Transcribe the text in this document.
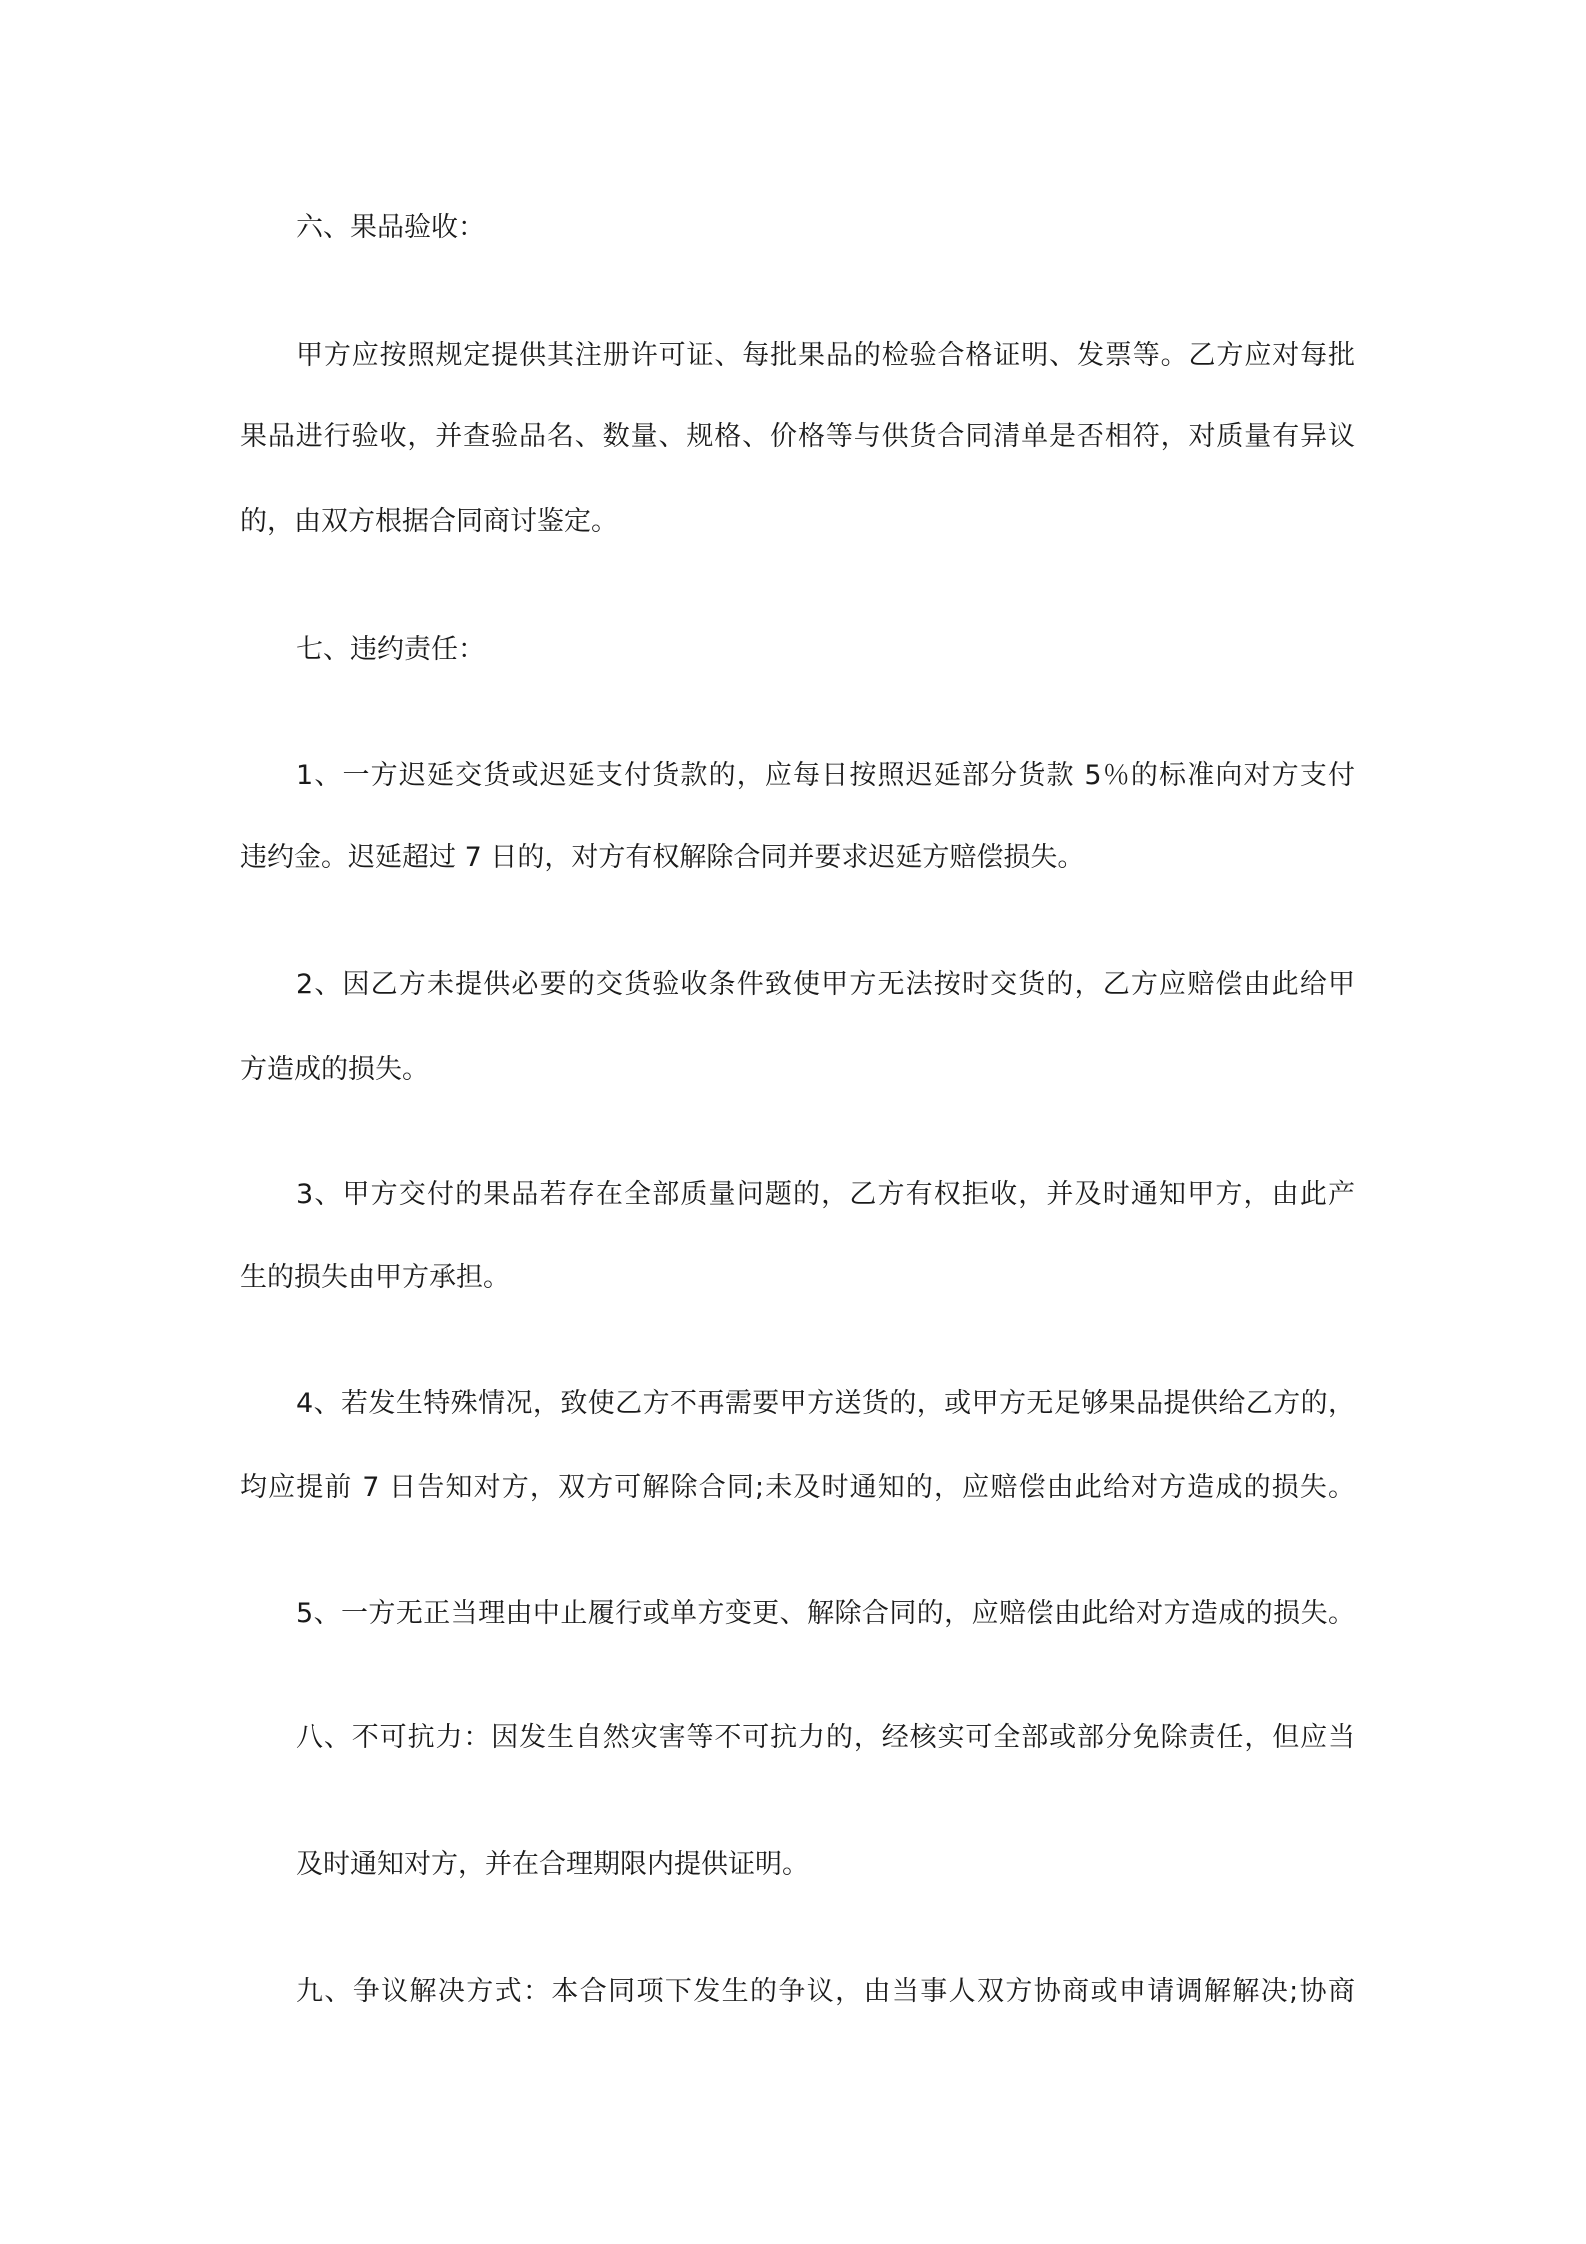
六、果品验收：

甲方应按照规定提供其注册许可证、每批果品的检验合格证明、发票等。乙方应对每批

果品进行验收，并查验品名、数量、规格、价格等与供货合同清单是否相符，对质量有异议

的，由双方根据合同商讨鉴定。

七、违约责任：

1、一方迟延交货或迟延支付货款的，应每日按照迟延部分货款 5％的标准向对方支付

违约金。迟延超过 7 日的，对方有权解除合同并要求迟延方赔偿损失。

2、因乙方未提供必要的交货验收条件致使甲方无法按时交货的，乙方应赔偿由此给甲

方造成的损失。

3、甲方交付的果品若存在全部质量问题的，乙方有权拒收，并及时通知甲方，由此产

生的损失由甲方承担。

4、若发生特殊情况，致使乙方不再需要甲方送货的，或甲方无足够果品提供给乙方的，

均应提前 7 日告知对方，双方可解除合同;未及时通知的，应赔偿由此给对方造成的损失。

5、一方无正当理由中止履行或单方变更、解除合同的，应赔偿由此给对方造成的损失。

八、不可抗力：因发生自然灾害等不可抗力的，经核实可全部或部分免除责任，但应当

及时通知对方，并在合理期限内提供证明。

九、争议解决方式：本合同项下发生的争议，由当事人双方协商或申请调解解决;协商
